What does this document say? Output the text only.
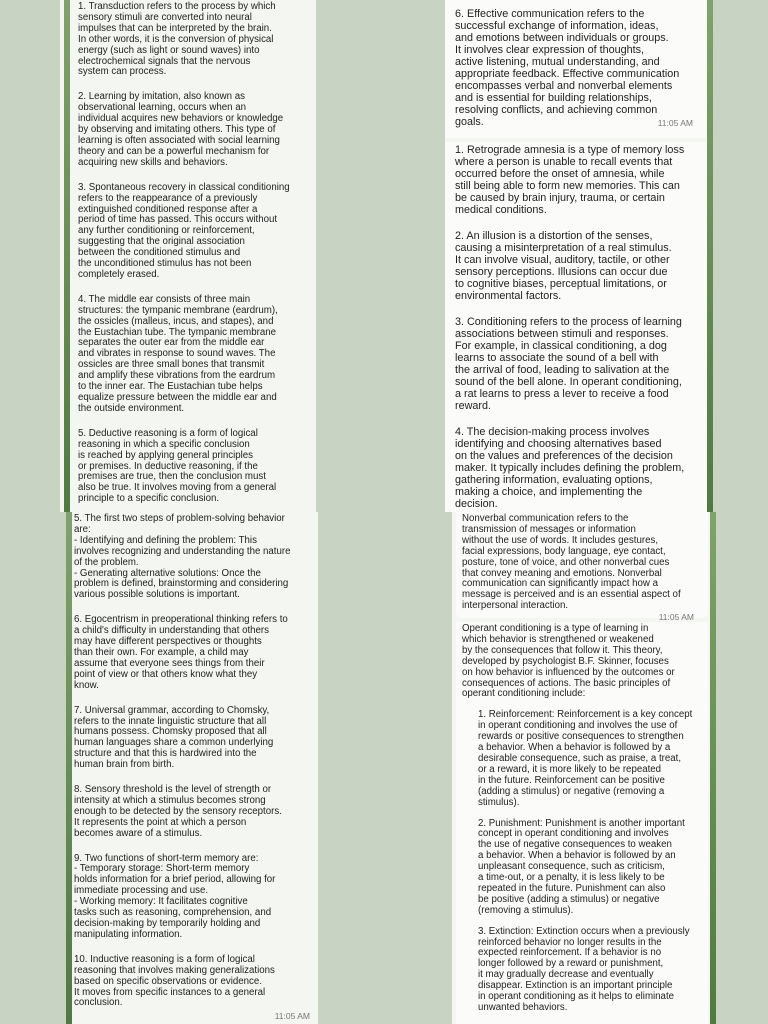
1. Transduction refers to the process by which
sensory stimuli are converted into neural
impulses that can be interpreted by the brain.
In other words, it is the conversion of physical
energy (such as light or sound waves) into
electrochemical signals that the nervous
system can process.

2. Learning by imitation, also known as
observational learning, occurs when an
individual acquires new behaviors or knowledge
by observing and imitating others. This type of
learning is often associated with social learning
theory and can be a powerful mechanism for
acquiring new skills and behaviors.

3. Spontaneous recovery in classical conditioning
refers to the reappearance of a previously
extinguished conditioned response after a
period of time has passed. This occurs without
any further conditioning or reinforcement,
suggesting that the original association
between the conditioned stimulus and
the unconditioned stimulus has not been
completely erased.

4. The middle ear consists of three main
structures: the tympanic membrane (eardrum),
the ossicles (malleus, incus, and stapes), and
the Eustachian tube. The tympanic membrane
separates the outer ear from the middle ear
and vibrates in response to sound waves. The
ossicles are three small bones that transmit
and amplify these vibrations from the eardrum
to the inner ear. The Eustachian tube helps
equalize pressure between the middle ear and
the outside environment.

5. Deductive reasoning is a form of logical
reasoning in which a specific conclusion
is reached by applying general principles
or premises. In deductive reasoning, if the
premises are true, then the conclusion must
also be true. It involves moving from a general
principle to a specific conclusion.

6. Effective communication refers to the
successful exchange of information, ideas,
and emotions between individuals or groups.
It involves clear expression of thoughts,
active listening, mutual understanding, and
appropriate feedback. Effective communication
encompasses verbal and nonverbal elements
and is essential for building relationships,
resolving conflicts, and achieving common
goals.	11:05 AM

1. Retrograde amnesia is a type of memory loss
where a person is unable to recall events that
occurred before the onset of amnesia, while
still being able to form new memories. This can
be caused by brain injury, trauma, or certain
medical conditions.

2. An illusion is a distortion of the senses,
causing a misinterpretation of a real stimulus.
It can involve visual, auditory, tactile, or other
sensory perceptions. Illusions can occur due
to cognitive biases, perceptual limitations, or
environmental factors.

3. Conditioning refers to the process of learning
associations between stimuli and responses.
For example, in classical conditioning, a dog
learns to associate the sound of a bell with
the arrival of food, leading to salivation at the
sound of the bell alone. In operant conditioning,
a rat learns to press a lever to receive a food
reward.

4. The decision-making process involves
identifying and choosing alternatives based
on the values and preferences of the decision
maker. It typically includes defining the problem,
gathering information, evaluating options,
making a choice, and implementing the
decision.

5. The first two steps of problem-solving behavior
are:
- Identifying and defining the problem: This
involves recognizing and understanding the nature
of the problem.
- Generating alternative solutions: Once the
problem is defined, brainstorming and considering
various possible solutions is important.

6. Egocentrism in preoperational thinking refers to
a child's difficulty in understanding that others
may have different perspectives or thoughts
than their own. For example, a child may
assume that everyone sees things from their
point of view or that others know what they
know.

7. Universal grammar, according to Chomsky,
refers to the innate linguistic structure that all
humans possess. Chomsky proposed that all
human languages share a common underlying
structure and that this is hardwired into the
human brain from birth.

8. Sensory threshold is the level of strength or
intensity at which a stimulus becomes strong
enough to be detected by the sensory receptors.
It represents the point at which a person
becomes aware of a stimulus.

9. Two functions of short-term memory are:
- Temporary storage: Short-term memory
holds information for a brief period, allowing for
immediate processing and use.
- Working memory: It facilitates cognitive
tasks such as reasoning, comprehension, and
decision-making by temporarily holding and
manipulating information.

10. Inductive reasoning is a form of logical
reasoning that involves making generalizations
based on specific observations or evidence.
It moves from specific instances to a general
conclusion.

11:05 AM

Nonverbal communication refers to the
transmission of messages or information
without the use of words. It includes gestures,
facial expressions, body language, eye contact,
posture, tone of voice, and other nonverbal cues
that convey meaning and emotions. Nonverbal
communication can significantly impact how a
message is perceived and is an essential aspect of
interpersonal interaction.

11:05 AM

Operant conditioning is a type of learning in
which behavior is strengthened or weakened
by the consequences that follow it. This theory,
developed by psychologist B.F. Skinner, focuses
on how behavior is influenced by the outcomes or
consequences of actions. The basic principles of
operant conditioning include:

1. Reinforcement: Reinforcement is a key concept
in operant conditioning and involves the use of
rewards or positive consequences to strengthen
a behavior. When a behavior is followed by a
desirable consequence, such as praise, a treat,
or a reward, it is more likely to be repeated
in the future. Reinforcement can be positive
(adding a stimulus) or negative (removing a
stimulus).

2. Punishment: Punishment is another important
concept in operant conditioning and involves
the use of negative consequences to weaken
a behavior. When a behavior is followed by an
unpleasant consequence, such as criticism,
a time-out, or a penalty, it is less likely to be
repeated in the future. Punishment can also
be positive (adding a stimulus) or negative
(removing a stimulus).

3. Extinction: Extinction occurs when a previously
reinforced behavior no longer results in the
expected reinforcement. If a behavior is no
longer followed by a reward or punishment,
it may gradually decrease and eventually
disappear. Extinction is an important principle
in operant conditioning as it helps to eliminate
unwanted behaviors.
